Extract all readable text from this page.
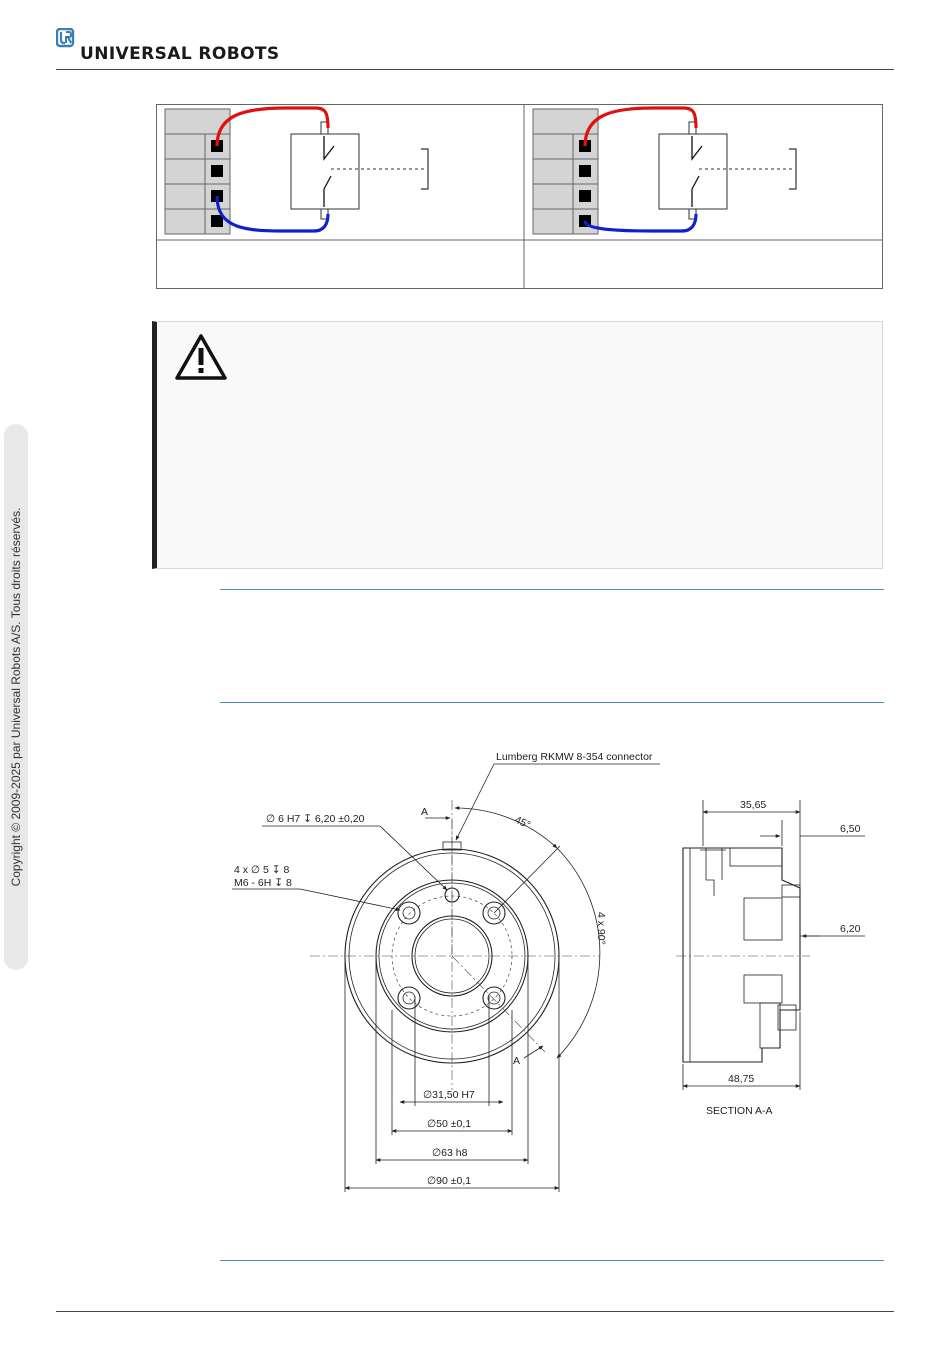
UNIVERSAL ROBOTS
Copyright © 2009-2025 par Universal Robots A/S. Tous droits réservés.	A
A
45°
4 x 90°
Lumberg RKMW 8-354 connector
∅ 6 H7 ↧ 6,20 ±0,20
4 x ∅ 5 ↧ 8
M6 - 6H ↧ 8
∅31,50 H7
∅50 ±0,1
∅63 h8
∅90 ±0,1
35,65
6,50
6,20
48,75
SECTION A-A
